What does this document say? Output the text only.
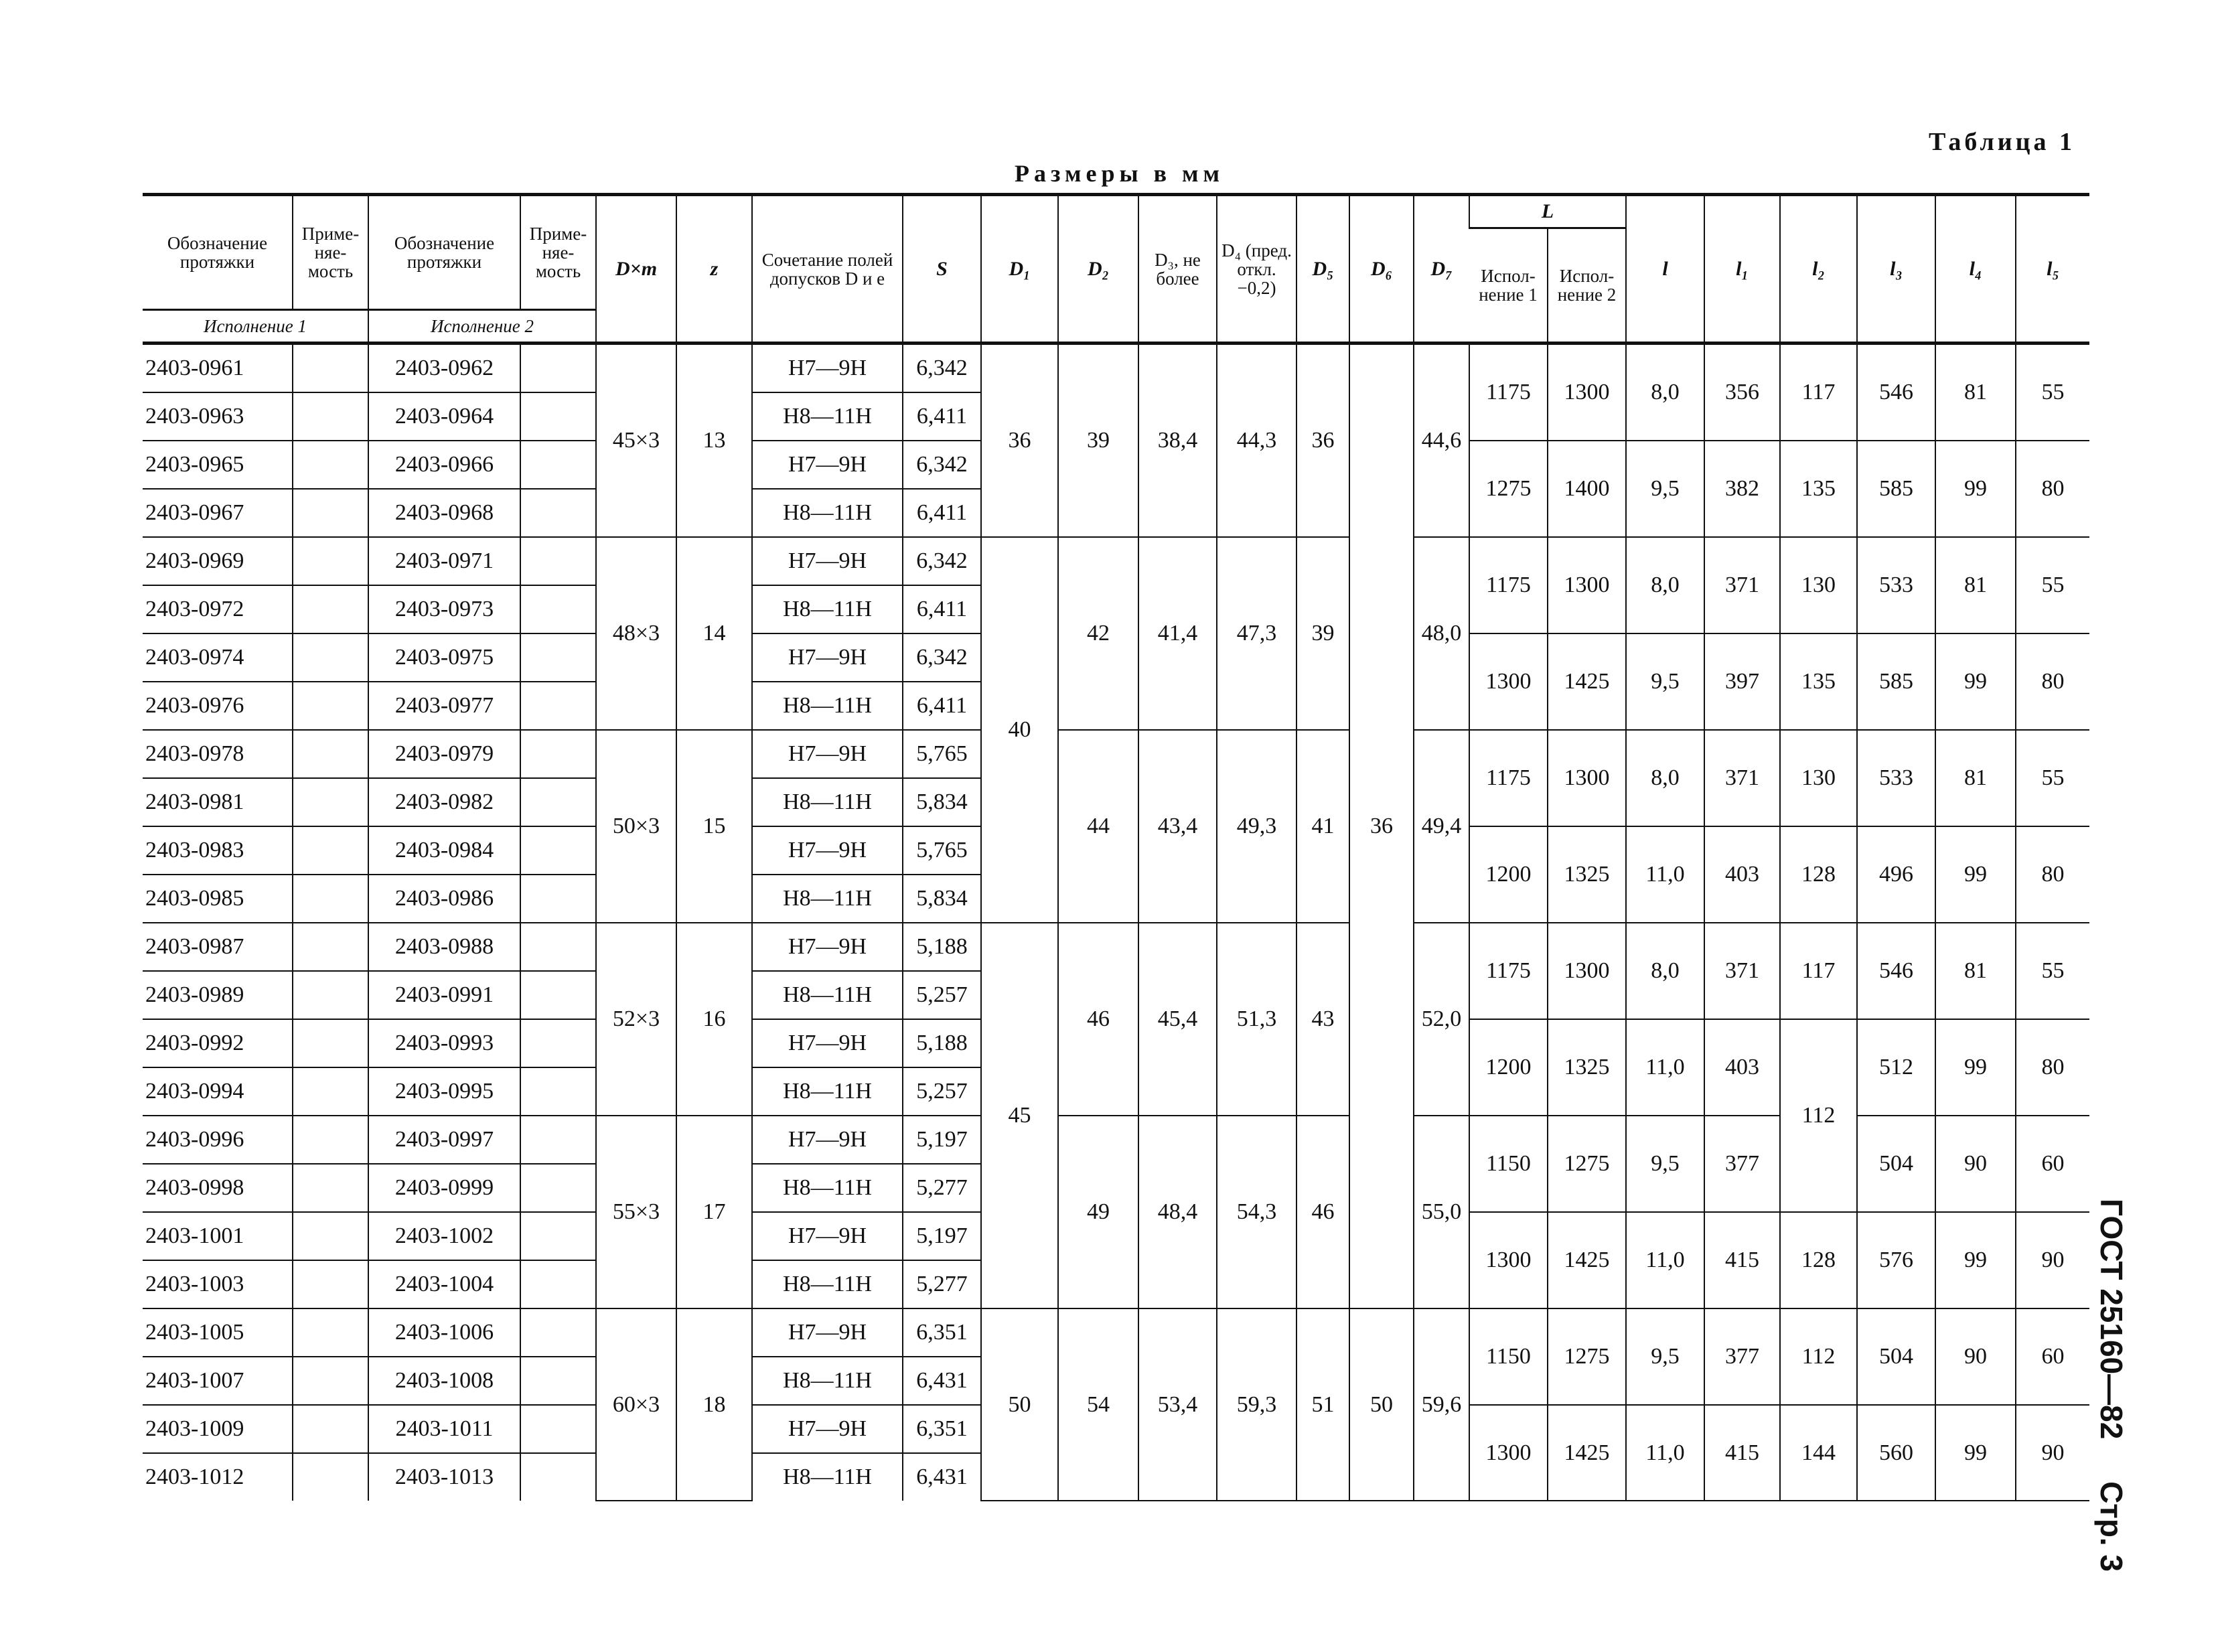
Таблица 1
Размеры в мм
ГОСТ 25160—82 Стр. 3
Обозначение протяжки	Приме-няе-мость	Обозначение протяжки	Приме-няе-мость	D×m	z	Сочетание полей допусков D и e	S	D₁	D₂	D₃, не более	D₄ (пред. откл. −0,2)	D₅	D₆	D₇	L		l	l₁	l₂	l₃	l₄	l₅
															Испол-нение 1	Испол-нение 2						
Исполнение 1		Исполнение 2																				
2403-0961		2403-0962		45×3	13	H7—9H	6,342	36	39	38,4	44,3	36	36	44,6	1175	1300	8,0	356	117	546	81	55
2403-0963		2403-0964				H8—11H	6,411															
2403-0965		2403-0966				H7—9H	6,342								1275	1400	9,5	382	135	585	99	80
2403-0967		2403-0968				H8—11H	6,411															
2403-0969		2403-0971		48×3	14	H7—9H	6,342	40	42	41,4	47,3	39		48,0	1175	1300	8,0	371	130	533	81	55
2403-0972		2403-0973				H8—11H	6,411															
2403-0974		2403-0975				H7—9H	6,342								1300	1425	9,5	397	135	585	99	80
2403-0976		2403-0977				H8—11H	6,411															
2403-0978		2403-0979		50×3	15	H7—9H	5,765		44	43,4	49,3	41		49,4	1175	1300	8,0	371	130	533	81	55
2403-0981		2403-0982				H8—11H	5,834															
2403-0983		2403-0984				H7—9H	5,765								1200	1325	11,0	403	128	496	99	80
2403-0985		2403-0986				H8—11H	5,834															
2403-0987		2403-0988		52×3	16	H7—9H	5,188	45	46	45,4	51,3	43		52,0	1175	1300	8,0	371	117	546	81	55
2403-0989		2403-0991				H8—11H	5,257															
2403-0992		2403-0993				H7—9H	5,188								1200	1325	11,0	403	112	512	99	80
2403-0994		2403-0995				H8—11H	5,257															
2403-0996		2403-0997		55×3	17	H7—9H	5,197		49	48,4	54,3	46		55,0	1150	1275	9,5	377		504	90	60
2403-0998		2403-0999				H8—11H	5,277															
2403-1001		2403-1002				H7—9H	5,197								1300	1425	11,0	415	128	576	99	90
2403-1003		2403-1004				H8—11H	5,277															
2403-1005		2403-1006		60×3	18	H7—9H	6,351	50	54	53,4	59,3	51	50	59,6	1150	1275	9,5	377	112	504	90	60
2403-1007		2403-1008				H8—11H	6,431															
2403-1009		2403-1011				H7—9H	6,351								1300	1425	11,0	415	144	560	99	90
2403-1012		2403-1013				H8—11H	6,431															
